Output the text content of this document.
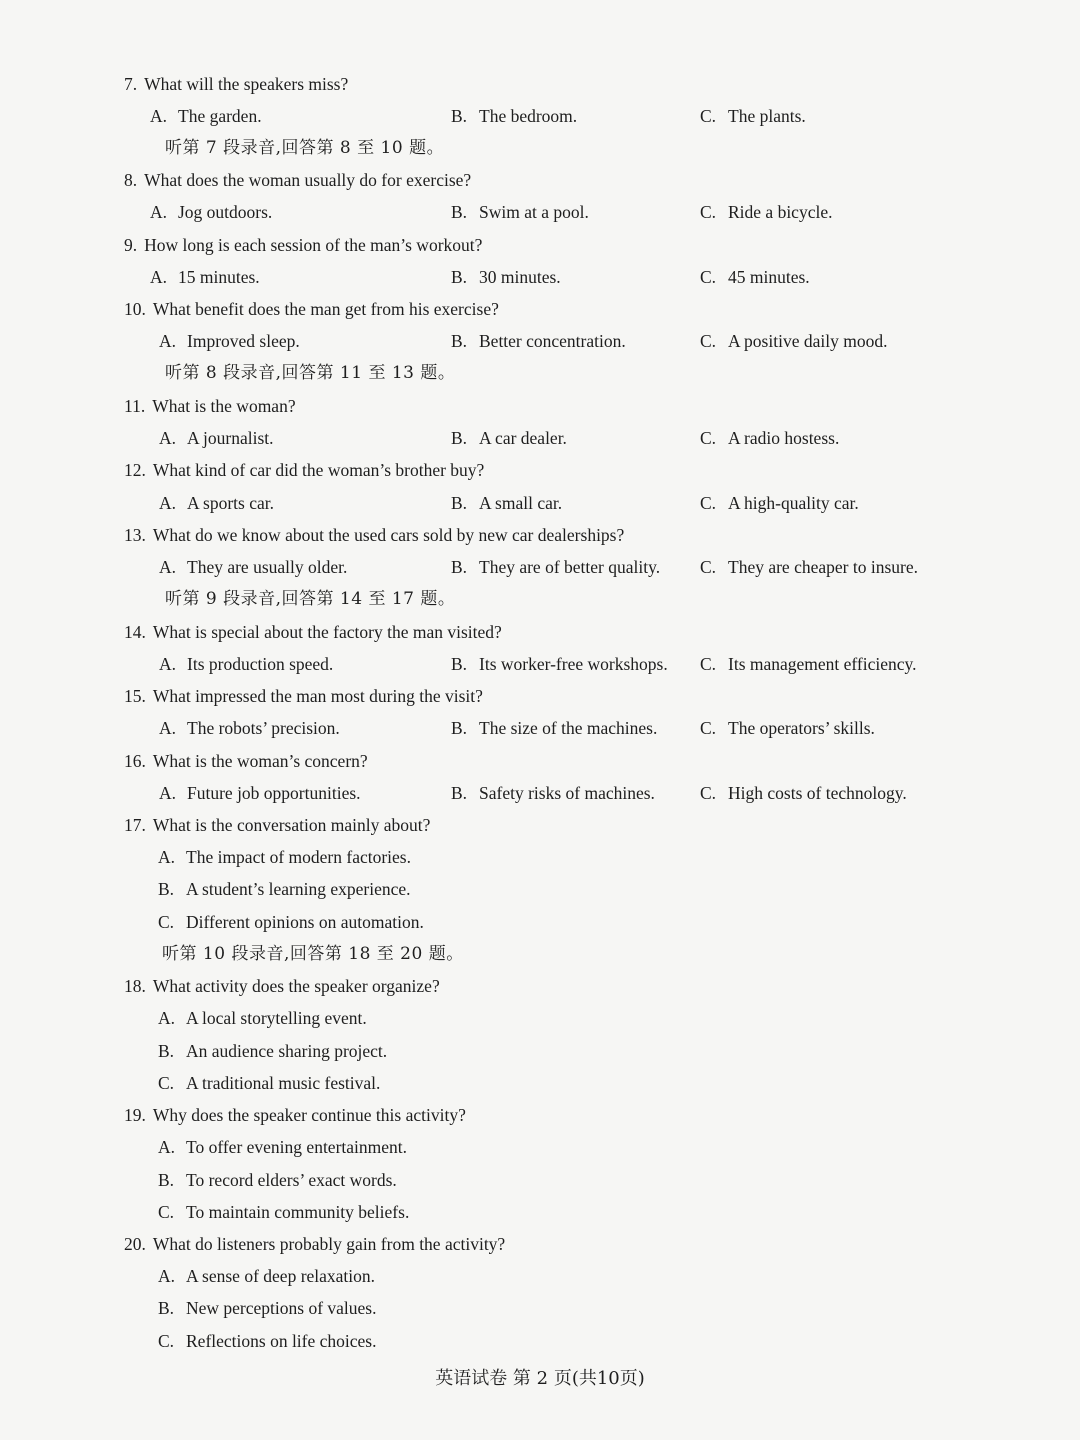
7. What will the speakers miss?
A. The garden.	B. The bedroom.	C. The plants.
听第 7 段录音,回答第 8 至 10 题。
8. What does the woman usually do for exercise?
A. Jog outdoors.	B. Swim at a pool.	C. Ride a bicycle.
9. How long is each session of the man’s workout?
A. 15 minutes.	B. 30 minutes.	C. 45 minutes.
10. What benefit does the man get from his exercise?
A. Improved sleep.	B. Better concentration.	C. A positive daily mood.
听第 8 段录音,回答第 11 至 13 题。
11. What is the woman?
A. A journalist.	B. A car dealer.	C. A radio hostess.
12. What kind of car did the woman’s brother buy?
A. A sports car.	B. A small car.	C. A high-quality car.
13. What do we know about the used cars sold by new car dealerships?
A. They are usually older.	B. They are of better quality. C. They are cheaper to insure.
听第 9 段录音,回答第 14 至 17 题。
14. What is special about the factory the man visited?
A. Its production speed.	B. Its worker-free workshops. C. Its management efficiency.
15. What impressed the man most during the visit?
A. The robots’ precision.	B. The size of the machines. C. The operators’ skills.
16. What is the woman’s concern?
A. Future job opportunities.	B. Safety risks of machines.	C. High costs of technology.
17. What is the conversation mainly about?
A. The impact of modern factories.
B. A student’s learning experience.
C. Different opinions on automation.
听第 10 段录音,回答第 18 至 20 题。
18. What activity does the speaker organize?
A. A local storytelling event.
B. An audience sharing project.
C. A traditional music festival.
19. Why does the speaker continue this activity?
A. To offer evening entertainment.
B. To record elders’ exact words.
C. To maintain community beliefs.
20. What do listeners probably gain from the activity?
A. A sense of deep relaxation.
B. New perceptions of values.
C. Reflections on life choices.
英语试卷 第 2 页(共10页)
